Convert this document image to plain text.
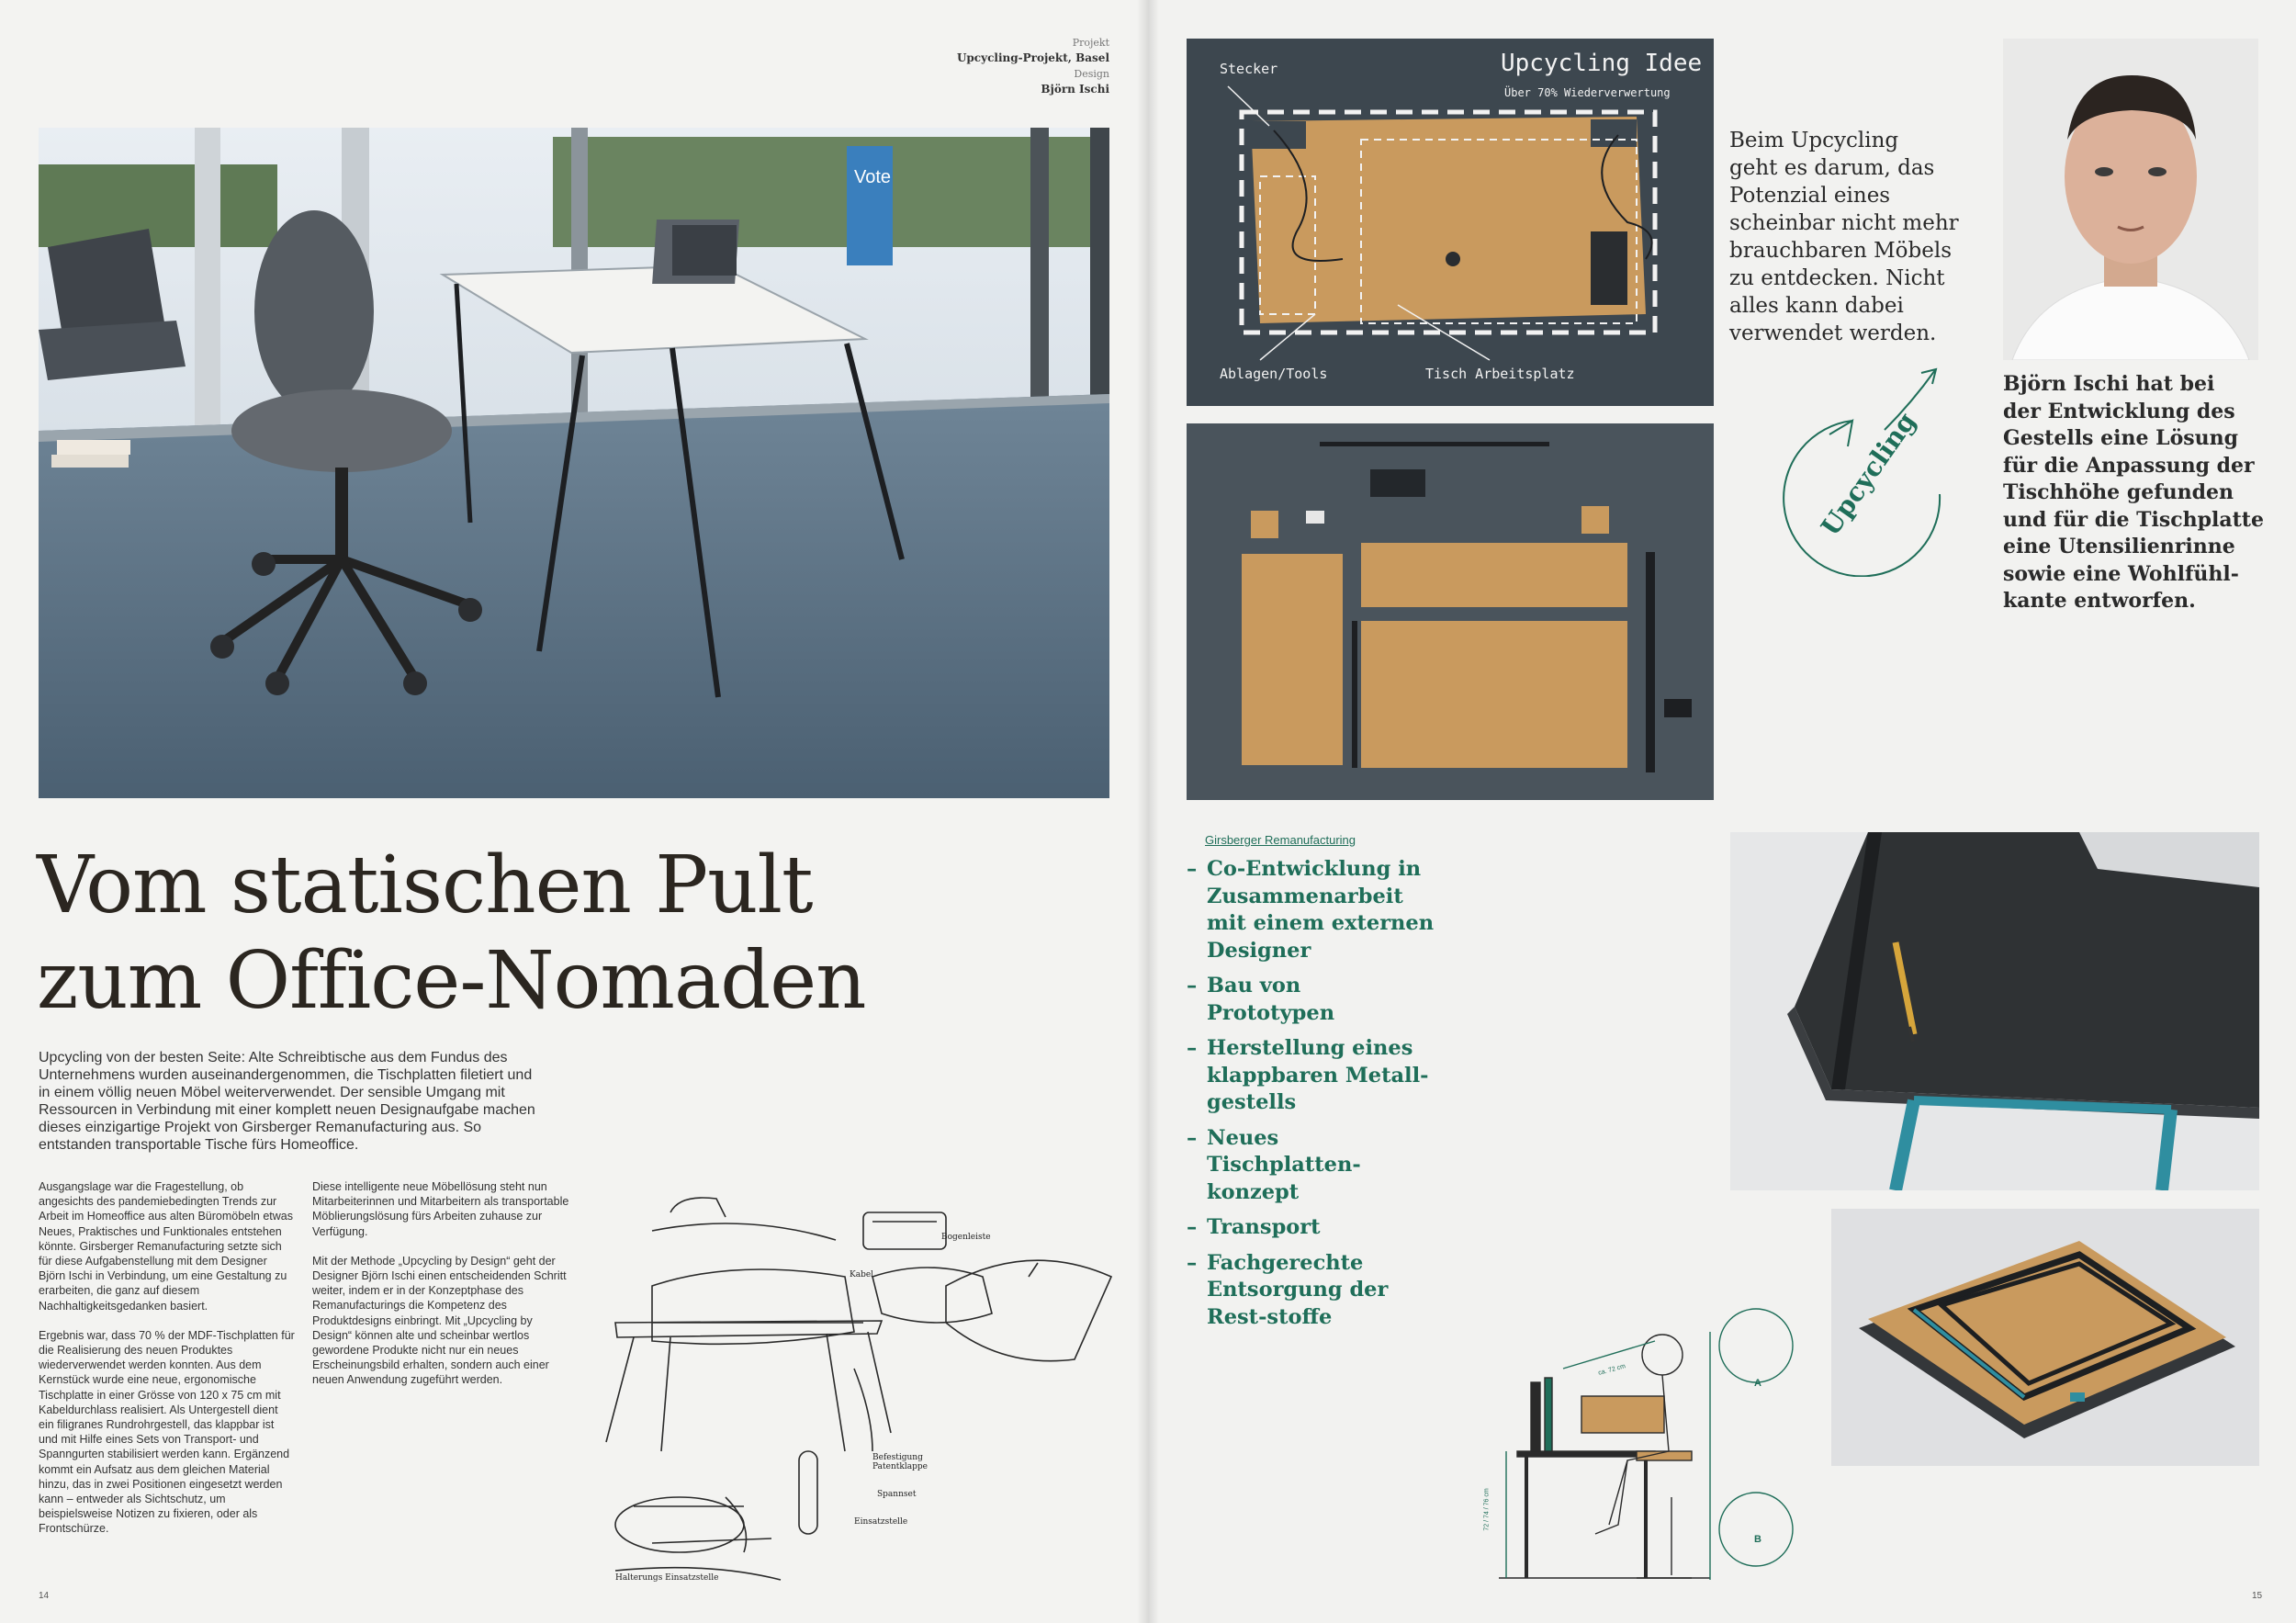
Projekt
Upcycling-Projekt, Basel
Design
Björn Ischi
Vote
Vom statischen Pult
zum Office-Nomaden
Upcycling von der besten Seite: Alte Schreibtische aus dem Fundus des Unternehmens wurden auseinandergenommen, die Tischplatten filetiert und in einem völlig neuen Möbel weiterverwendet. Der sensible Umgang mit Ressourcen in Verbindung mit einer komplett neuen Designaufgabe machen dieses einzigartige Projekt von Girsberger Remanufacturing aus. So entstanden transportable Tische fürs Homeoffice.

Ausgangslage war die Fragestellung, ob angesichts des pandemiebedingten Trends zur Arbeit im Homeoffice aus alten Büromöbeln etwas Neues, Praktisches und Funktionales entstehen könnte. Girsberger Remanufacturing setzte sich für diese Aufgabenstellung mit dem Designer Björn Ischi in Verbindung, um eine Gestaltung zu erarbeiten, die ganz auf diesem Nachhaltigkeitsgedanken basiert.

Ergebnis war, dass 70 % der MDF-Tischplatten für die Realisierung des neuen Produktes wiederverwendet werden konnten. Aus dem Kernstück wurde eine neue, ergonomische Tischplatte in einer Grösse von 120 x 75 cm mit Kabeldurchlass realisiert. Als Untergestell dient ein filigranes Rundrohrgestell, das klappbar ist und mit Hilfe eines Sets von Transport- und Spanngurten stabilisiert werden kann. Ergänzend kommt ein Aufsatz aus dem gleichen Material hinzu, das in zwei Positionen eingesetzt werden kann – entweder als Sichtschutz, um beispielsweise Notizen zu fixieren, oder als Frontschürze.

Diese intelligente neue Möbellösung steht nun Mitarbeiterinnen und Mitarbeitern als transportable Möblierungslösung fürs Arbeiten zuhause zur Verfügung.

Mit der Methode „Upcycling by Design“ geht der Designer Björn Ischi einen entscheidenden Schritt weiter, indem er in der Konzeptphase des Remanufacturings die Kompetenz des Produktdesigns einbringt. Mit „Upcycling by Design“ können alte und scheinbar wertlos gewordene Produkte nicht nur ein neues Erscheinungsbild erhalten, sondern auch einer neuen Anwendung zugeführt werden.

Bogenleiste
Kabel
Befestigung Patentklappe
Spannset
Einsatzstelle
Halterungs Einsatzstelle
14
Upcycling Idee
Über 70% Wiederverwertung
Stecker
Ablagen/Tools	Tisch Arbeitsplatz
Beim Upcycling
geht es darum, das
Potenzial eines
scheinbar nicht mehr
brauchbaren Möbels
zu entdecken. Nicht
alles kann dabei
verwendet werden.
Upcycling
Björn Ischi hat bei
der Entwicklung des
Gestells eine Lösung
für die Anpassung der
Tischhöhe gefunden
und für die Tischplatte
eine Utensilienrinne
sowie eine Wohlfühl-
kante entworfen.
Girsberger Remanufacturing
– Co-Entwicklung in Zusammenarbeit mit einem externen Designer
– Bau von Prototypen
– Herstellung eines klappbaren Metall-gestells
– Neues Tischplatten-konzept
– Transport
– Fachgerechte Entsorgung der Rest-stoffe
A
B
72 / 74 / 76 cm
ca. 72 cm
15
